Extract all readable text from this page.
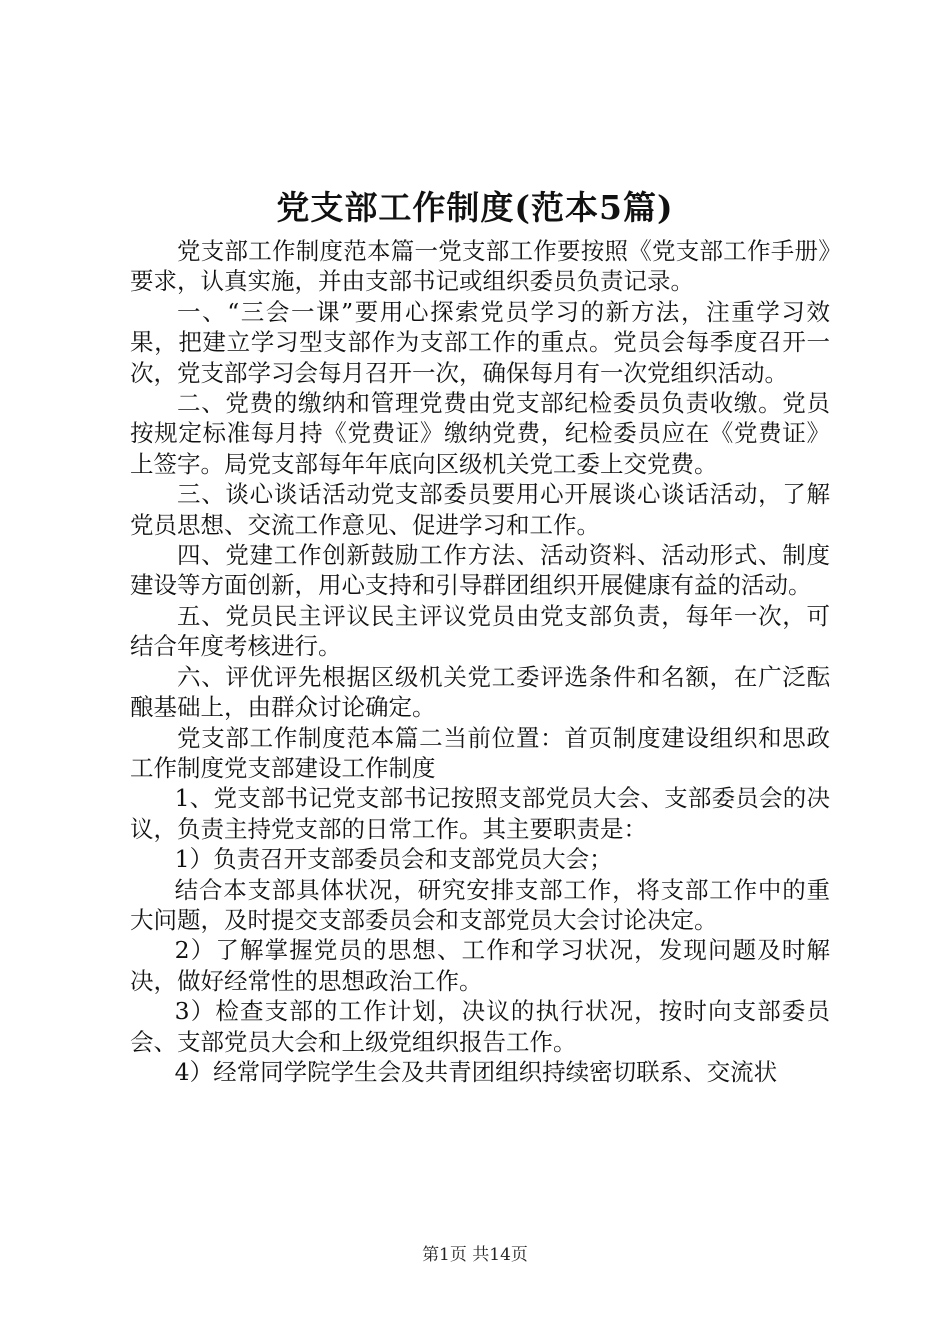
党支部工作制度(范本5篇)

党支部工作制度范本篇一党支部工作要按照《党支部工作手册》要求，认真实施，并由支部书记或组织委员负责记录。

一、“三会一课”要用心探索党员学习的新方法，注重学习效果，把建立学习型支部作为支部工作的重点。党员会每季度召开一次，党支部学习会每月召开一次，确保每月有一次党组织活动。

二、党费的缴纳和管理党费由党支部纪检委员负责收缴。党员按规定标准每月持《党费证》缴纳党费，纪检委员应在《党费证》上签字。局党支部每年年底向区级机关党工委上交党费。

三、谈心谈话活动党支部委员要用心开展谈心谈话活动，了解党员思想、交流工作意见、促进学习和工作。

四、党建工作创新鼓励工作方法、活动资料、活动形式、制度建设等方面创新，用心支持和引导群团组织开展健康有益的活动。

五、党员民主评议民主评议党员由党支部负责，每年一次，可结合年度考核进行。

六、评优评先根据区级机关党工委评选条件和名额，在广泛酝酿基础上，由群众讨论确定。

党支部工作制度范本篇二当前位置：首页制度建设组织和思政工作制度党支部建设工作制度

1、党支部书记党支部书记按照支部党员大会、支部委员会的决议，负责主持党支部的日常工作。其主要职责是：

1）负责召开支部委员会和支部党员大会；

结合本支部具体状况，研究安排支部工作，将支部工作中的重大问题，及时提交支部委员会和支部党员大会讨论决定。

2）了解掌握党员的思想、工作和学习状况，发现问题及时解决，做好经常性的思想政治工作。

3）检查支部的工作计划，决议的执行状况，按时向支部委员会、支部党员大会和上级党组织报告工作。

4）经常同学院学生会及共青团组织持续密切联系、交流状

第1页 共14页
